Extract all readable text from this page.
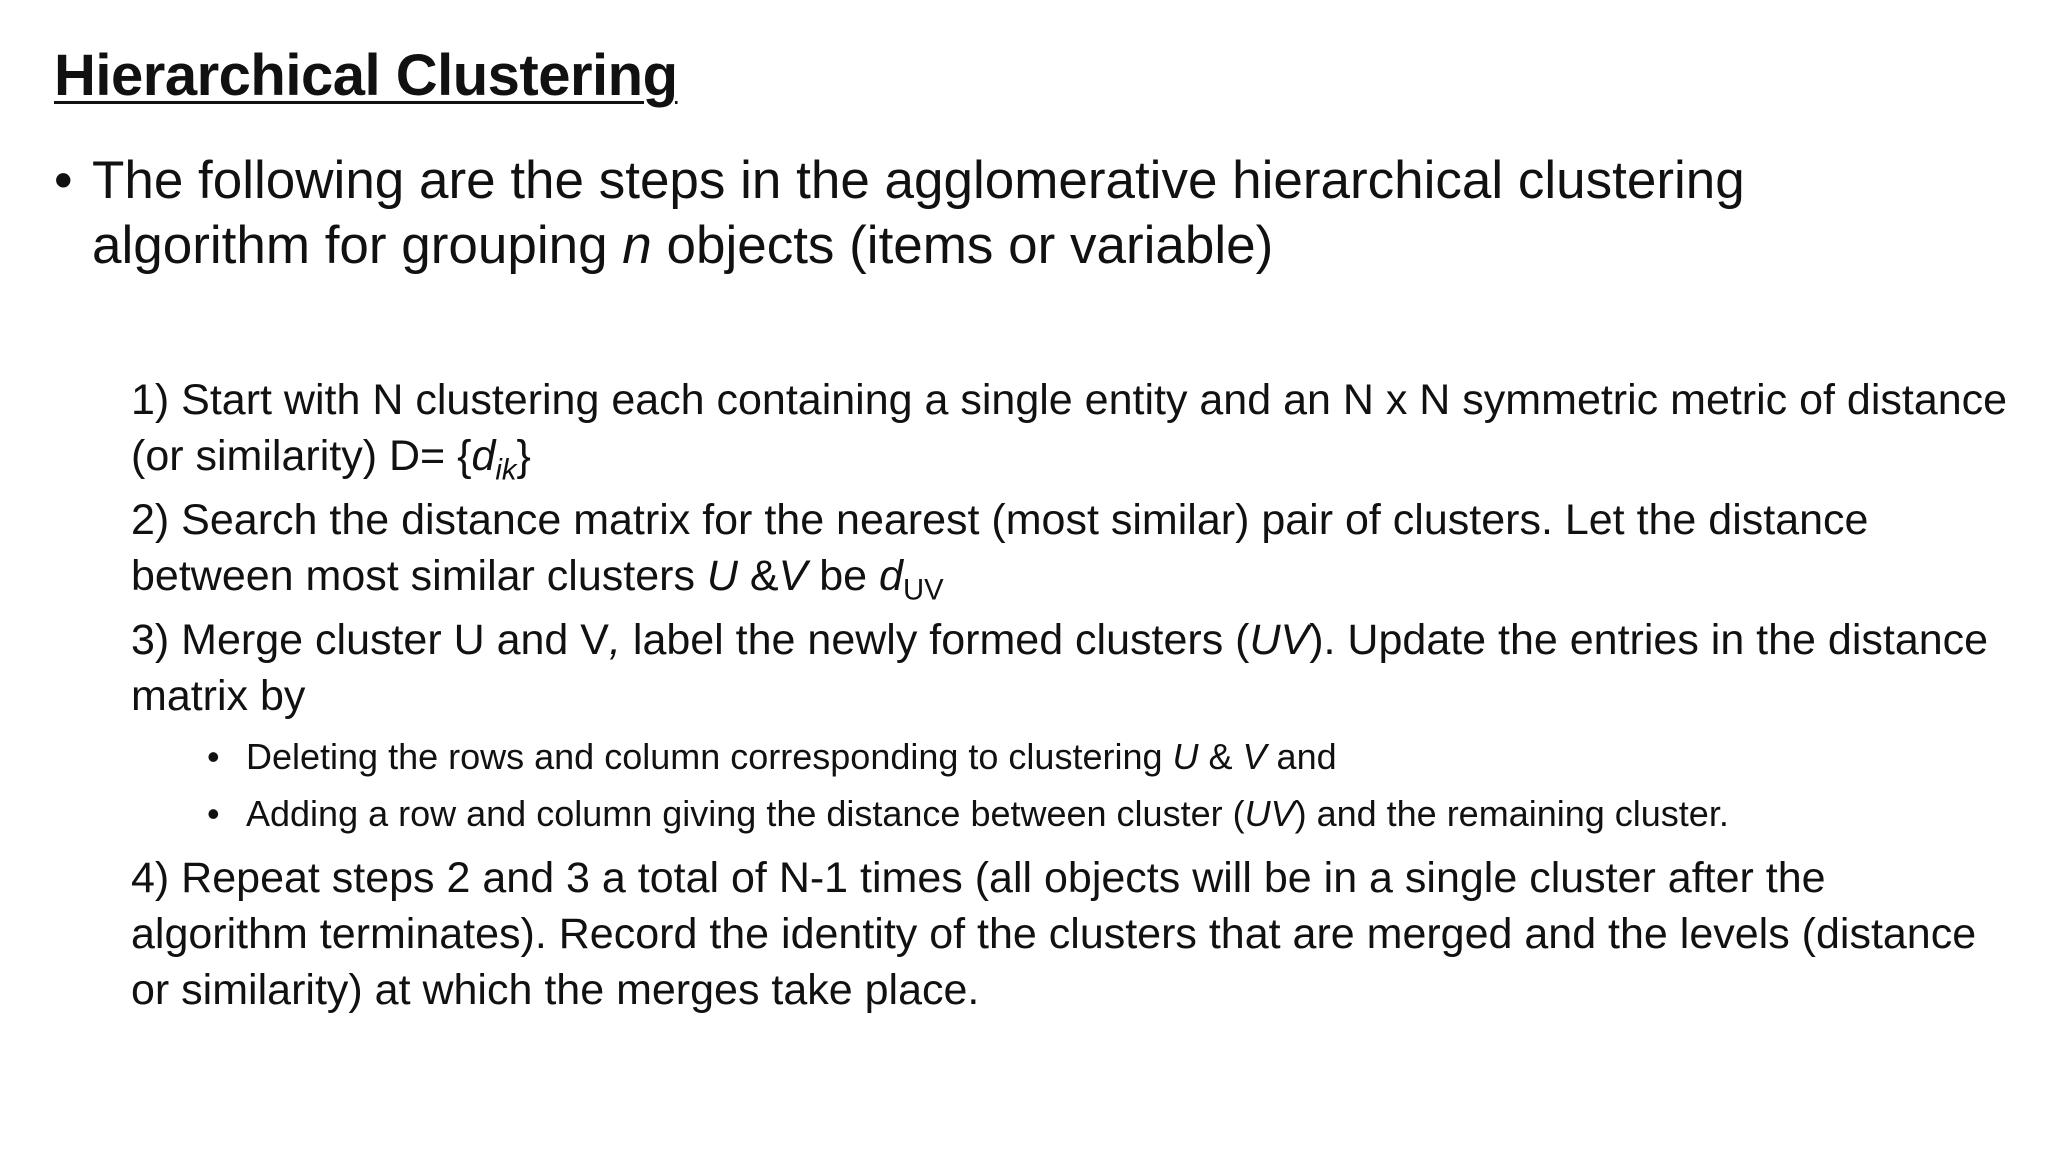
Hierarchical Clustering
• The following are the steps in the agglomerative hierarchical clustering
algorithm for grouping n objects (items or variable)
1) Start with N clustering each containing a single entity and an N x N symmetric metric of distance (or similarity) $D= \{d_{ik}\}$
2) Search the distance matrix for the nearest (most similar) pair of clusters. Let the distance between most similar clusters U &V be $d_{UV}$
3) Merge cluster U and V, label the newly formed clusters (UV). Update the entries in the distance matrix by
• Deleting the rows and column corresponding to clustering U & V and
• Adding a row and column giving the distance between cluster (UV) and the remaining cluster.
4) Repeat steps 2 and 3 a total of N-1 times (all objects will be in a single cluster after the algorithm terminates). Record the identity of the clusters that are merged and the levels (distance or similarity) at which the merges take place.
